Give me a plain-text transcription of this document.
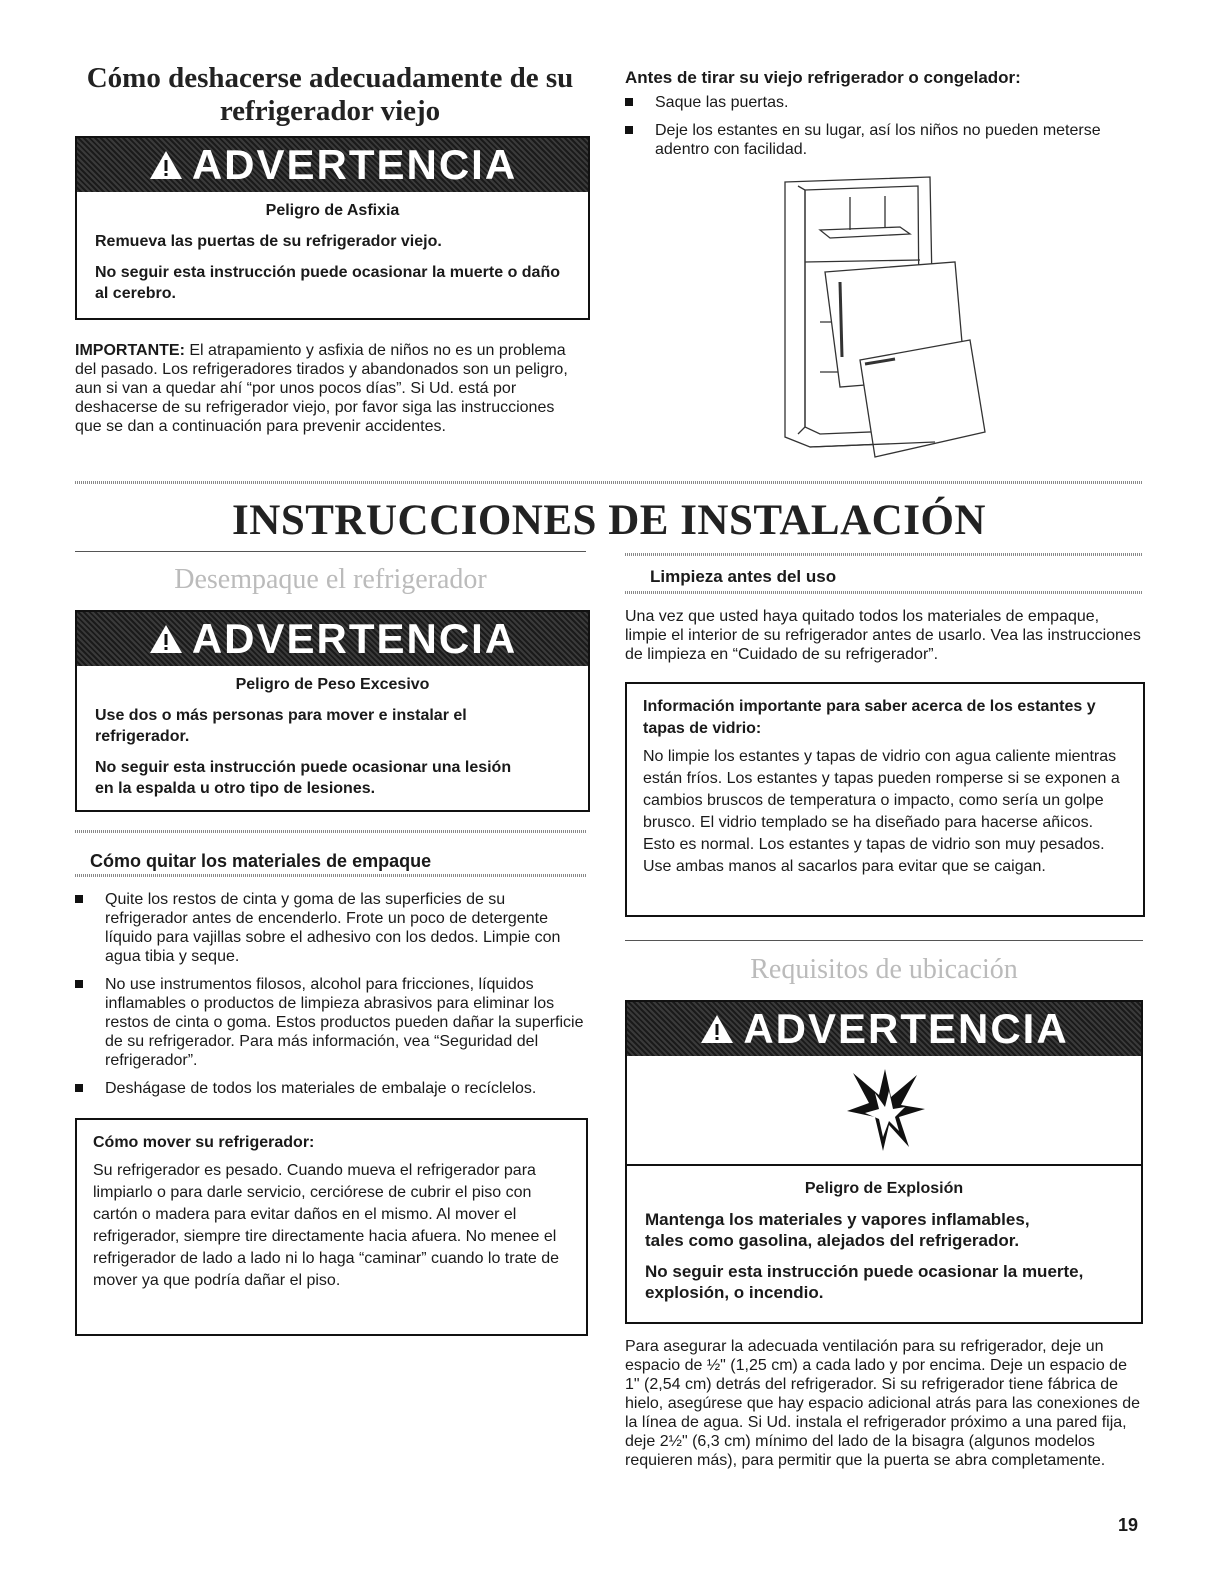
Cómo deshacerse adecuadamente de su refrigerador viejo
ADVERTENCIA
Peligro de Asfixia

Remueva las puertas de su refrigerador viejo.

No seguir esta instrucción puede ocasionar la muerte o daño al cerebro.

IMPORTANTE: El atrapamiento y asfixia de niños no es un problema del pasado. Los refrigeradores tirados y abandonados son un peligro, aun si van a quedar ahí “por unos pocos días”. Si Ud. está por deshacerse de su refrigerador viejo, por favor siga las instrucciones que se dan a continuación para prevenir accidentes.
Antes de tirar su viejo refrigerador o congelador:
Saque las puertas.
Deje los estantes en su lugar, así los niños no pueden meterse adentro con facilidad.
INSTRUCCIONES DE INSTALACIÓN
Desempaque el refrigerador
ADVERTENCIA
Peligro de Peso Excesivo

Use dos o más personas para mover e instalar el refrigerador.

No seguir esta instrucción puede ocasionar una lesión en la espalda u otro tipo de lesiones.

Cómo quitar los materiales de empaque
Quite los restos de cinta y goma de las superficies de su refrigerador antes de encenderlo. Frote un poco de detergente líquido para vajillas sobre el adhesivo con los dedos. Limpie con agua tibia y seque.
No use instrumentos filosos, alcohol para fricciones, líquidos inflamables o productos de limpieza abrasivos para eliminar los restos de cinta o goma. Estos productos pueden dañar la superficie de su refrigerador. Para más información, vea “Seguridad del refrigerador”.
Deshágase de todos los materiales de embalaje o recíclelos.
Cómo mover su refrigerador:
Su refrigerador es pesado. Cuando mueva el refrigerador para limpiarlo o para darle servicio, cerciórese de cubrir el piso con cartón o madera para evitar daños en el mismo. Al mover el refrigerador, siempre tire directamente hacia afuera. No menee el refrigerador de lado a lado ni lo haga “caminar” cuando lo trate de mover ya que podría dañar el piso.
Limpieza antes del uso
Una vez que usted haya quitado todos los materiales de empaque, limpie el interior de su refrigerador antes de usarlo. Vea las instrucciones de limpieza en “Cuidado de su refrigerador”.
Información importante para saber acerca de los estantes y tapas de vidrio:
No limpie los estantes y tapas de vidrio con agua caliente mientras están fríos. Los estantes y tapas pueden romperse si se exponen a cambios bruscos de temperatura o impacto, como sería un golpe brusco. El vidrio templado se ha diseñado para hacerse añicos. Esto es normal. Los estantes y tapas de vidrio son muy pesados. Use ambas manos al sacarlos para evitar que se caigan.
Requisitos de ubicación
ADVERTENCIA
Peligro de Explosión

Mantenga los materiales y vapores inflamables, tales como gasolina, alejados del refrigerador.

No seguir esta instrucción puede ocasionar la muerte, explosión, o incendio.

Para asegurar la adecuada ventilación para su refrigerador, deje un espacio de ½" (1,25 cm) a cada lado y por encima. Deje un espacio de 1" (2,54 cm) detrás del refrigerador. Si su refrigerador tiene fábrica de hielo, asegúrese que hay espacio adicional atrás para las conexiones de la línea de agua. Si Ud. instala el refrigerador próximo a una pared fija, deje 2½" (6,3 cm) mínimo del lado de la bisagra (algunos modelos requieren más), para permitir que la puerta se abra completamente.
19
